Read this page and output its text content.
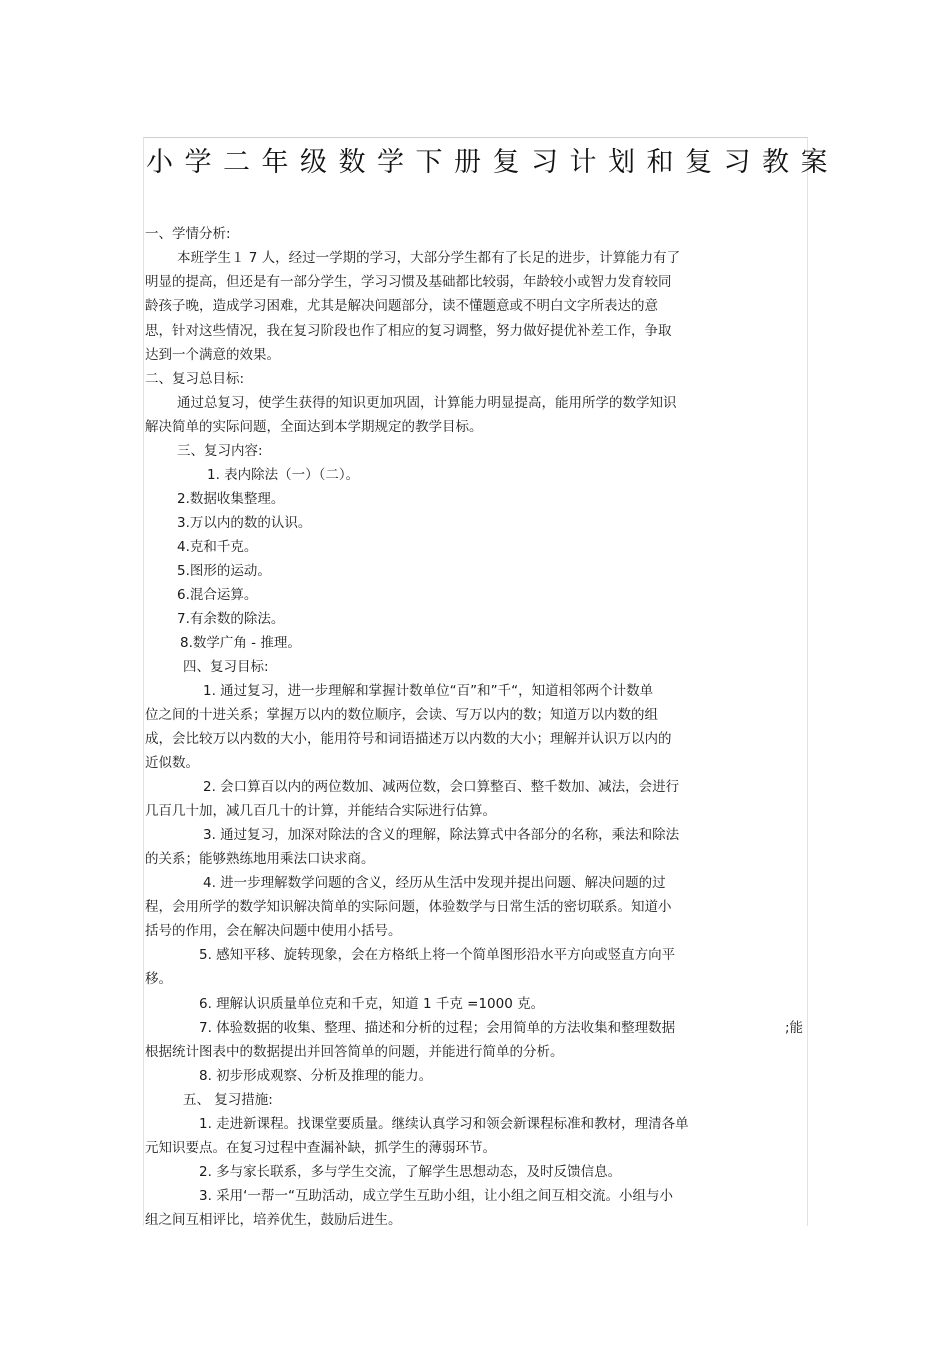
小学二年级数学下册复习计划和复习教案
一、学情分析:
本班学生１ 7 人，经过一学期的学习，大部分学生都有了长足的进步，计算能力有了
明显的提高，但还是有一部分学生，学习习惯及基础都比较弱，年龄较小或智力发育较同
龄孩子晚，造成学习困难，尤其是解决问题部分，读不懂题意或不明白文字所表达的意
思，针对这些情况，我在复习阶段也作了相应的复习调整，努力做好提优补差工作，争取
达到一个满意的效果。
二、复习总目标:
通过总复习，使学生获得的知识更加巩固，计算能力明显提高，能用所学的数学知识
解决简单的实际问题，全面达到本学期规定的教学目标。
三、复习内容:
1. 表内除法（一）（二）。
2.数据收集整理。
3.万以内的数的认识。
4.克和千克。
5.图形的运动。
6.混合运算。
7.有余数的除法。
8.数学广角 - 推理。
四、复习目标:
1. 通过复习，进一步理解和掌握计数单位“百”和”千“，知道相邻两个计数单
位之间的十进关系；掌握万以内的数位顺序，会读、写万以内的数；知道万以内数的组
成，会比较万以内数的大小，能用符号和词语描述万以内数的大小；理解并认识万以内的
近似数。
2. 会口算百以内的两位数加、减两位数，会口算整百、整千数加、减法，会进行
几百几十加，减几百几十的计算，并能结合实际进行估算。
3. 通过复习，加深对除法的含义的理解，除法算式中各部分的名称，乘法和除法
的关系；能够熟练地用乘法口诀求商。
4. 进一步理解数学问题的含义，经历从生活中发现并提出问题、解决问题的过
程，会用所学的数学知识解决简单的实际问题，体验数学与日常生活的密切联系。知道小
括号的作用，会在解决问题中使用小括号。
5. 感知平移、旋转现象，会在方格纸上将一个简单图形沿水平方向或竖直方向平
移。
6. 理解认识质量单位克和千克，知道 1 千克 =1000 克。
7. 体验数据的收集、整理、描述和分析的过程；会用简单的方法收集和整理数据	;能
根据统计图表中的数据提出并回答简单的问题，并能进行简单的分析。
8. 初步形成观察、分析及推理的能力。
五、 复习措施:
1. 走进新课程。找课堂要质量。继续认真学习和领会新课程标准和教材，理清各单
元知识要点。在复习过程中查漏补缺，抓学生的薄弱环节。
2. 多与家长联系，多与学生交流，了解学生思想动态，及时反馈信息。
3. 采用‘一帮一“互助活动，成立学生互助小组，让小组之间互相交流。小组与小
组之间互相评比，培养优生，鼓励后进生。
